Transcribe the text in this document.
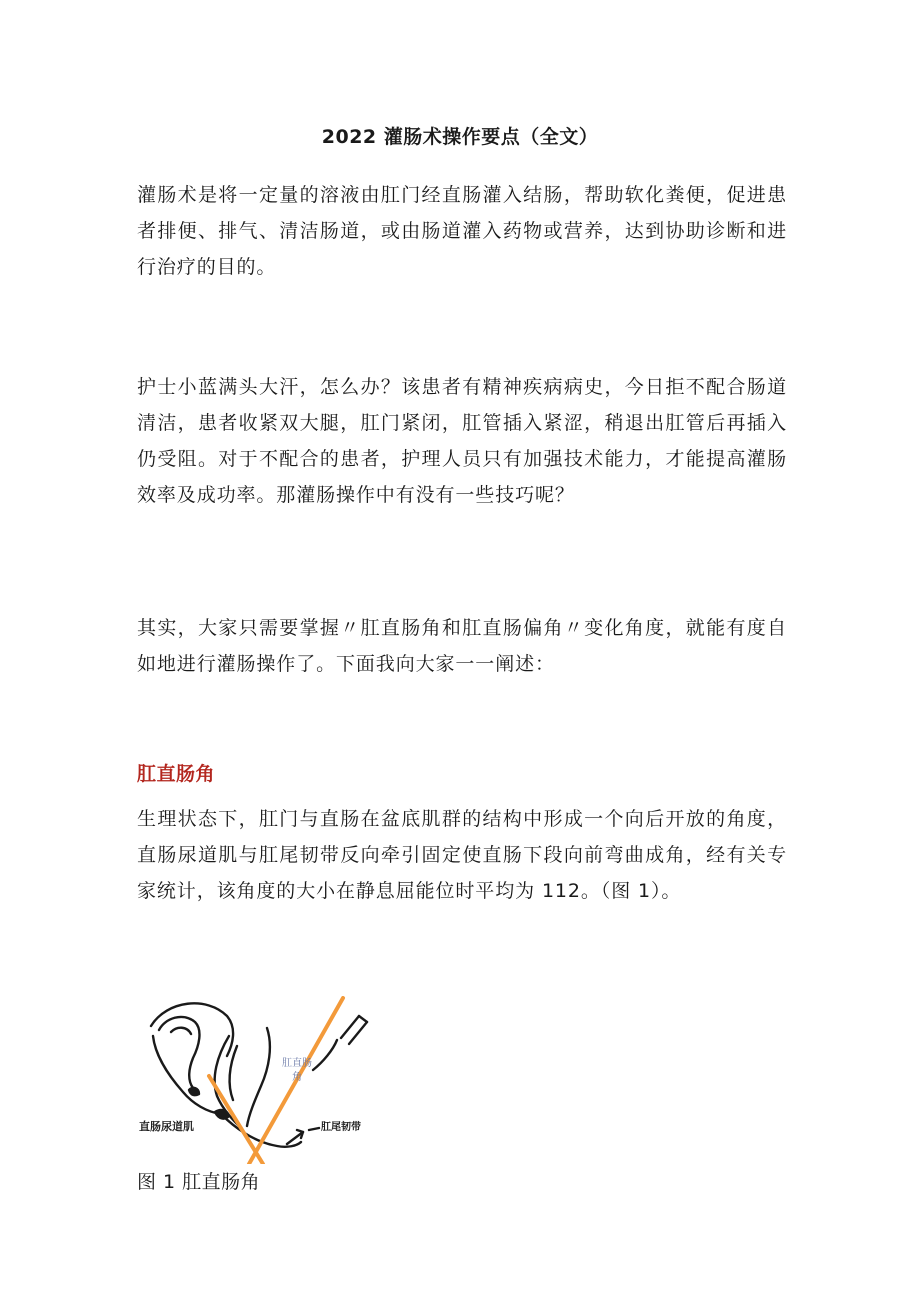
2022 灌肠术操作要点（全文）

灌肠术是将一定量的溶液由肛门经直肠灌入结肠，帮助软化粪便，促进患者排便、排气、清洁肠道，或由肠道灌入药物或营养，达到协助诊断和进行治疗的目的。

护士小蓝满头大汗，怎么办？该患者有精神疾病病史，今日拒不配合肠道清洁，患者收紧双大腿，肛门紧闭，肛管插入紧涩，稍退出肛管后再插入仍受阻。对于不配合的患者，护理人员只有加强技术能力，才能提高灌肠效率及成功率。那灌肠操作中有没有一些技巧呢？

其实，大家只需要掌握〃肛直肠角和肛直肠偏角〃变化角度，就能有度自如地进行灌肠操作了。下面我向大家一一阐述：

肛直肠角

生理状态下，肛门与直肠在盆底肌群的结构中形成一个向后开放的角度，直肠尿道肌与肛尾韧带反向牵引固定使直肠下段向前弯曲成角，经有关专家统计，该角度的大小在静息屈能位时平均为 112。（图 1）。

肛直肠
角
直肠尿道肌	肛尾韧带
图 1 肛直肠角
